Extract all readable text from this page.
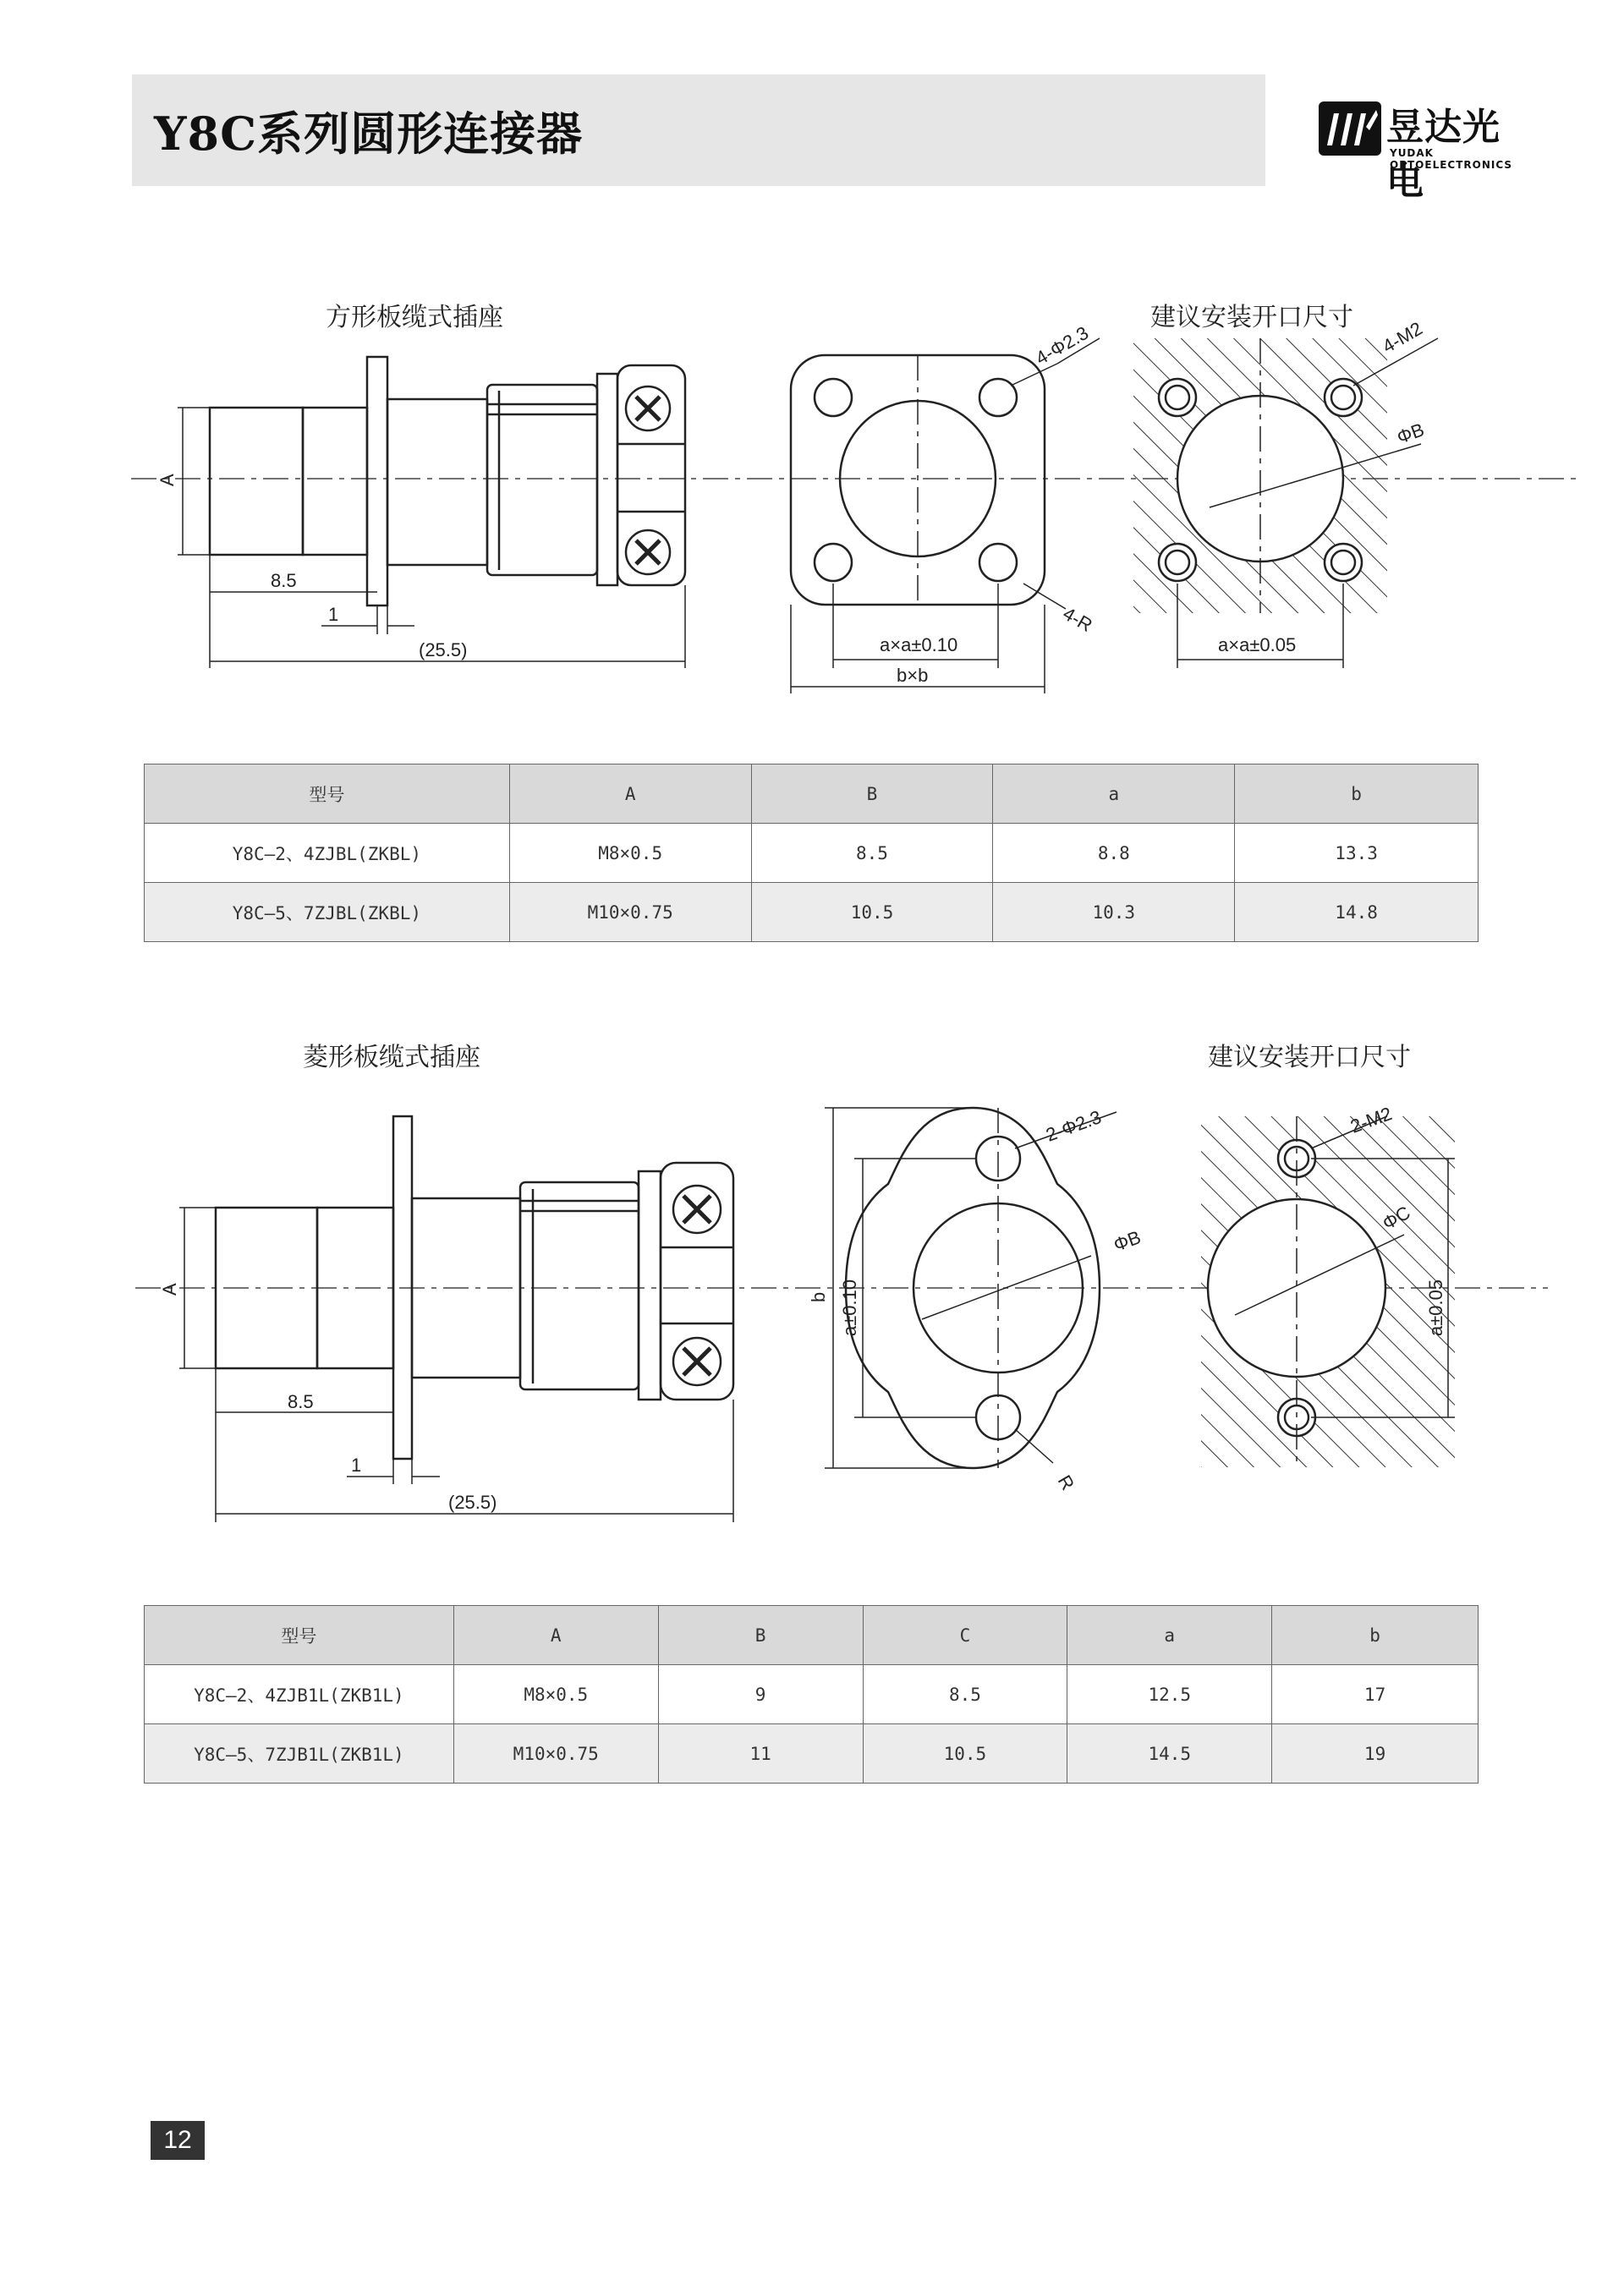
Y8C系列圆形连接器	昱达光电
YUDAK OPTOELECTRONICS
方形板缆式插座	建议安装开口尺寸
A
8.5
1
(25.5)
4-Φ2.3
4-R
a×a±0.10
b×b
4-M2
ΦB
a×a±0.05
型号	A	B	a	b
Y8C—2、4ZJBL(ZKBL)	M8×0.5	8.5	8.8	13.3
Y8C—5、7ZJBL(ZKBL)	M10×0.75	10.5	10.3	14.8
菱形板缆式插座	建议安装开口尺寸
A
8.5
1
(25.5)
2-Φ2.3
ΦB
b a±0.10
R
2-M2
ΦC
a±0.05
型号	A	B	C	a	b
Y8C—2、4ZJB1L(ZKB1L)	M8×0.5	9	8.5	12.5	17
Y8C—5、7ZJB1L(ZKB1L)	M10×0.75	11	10.5	14.5	19
12
